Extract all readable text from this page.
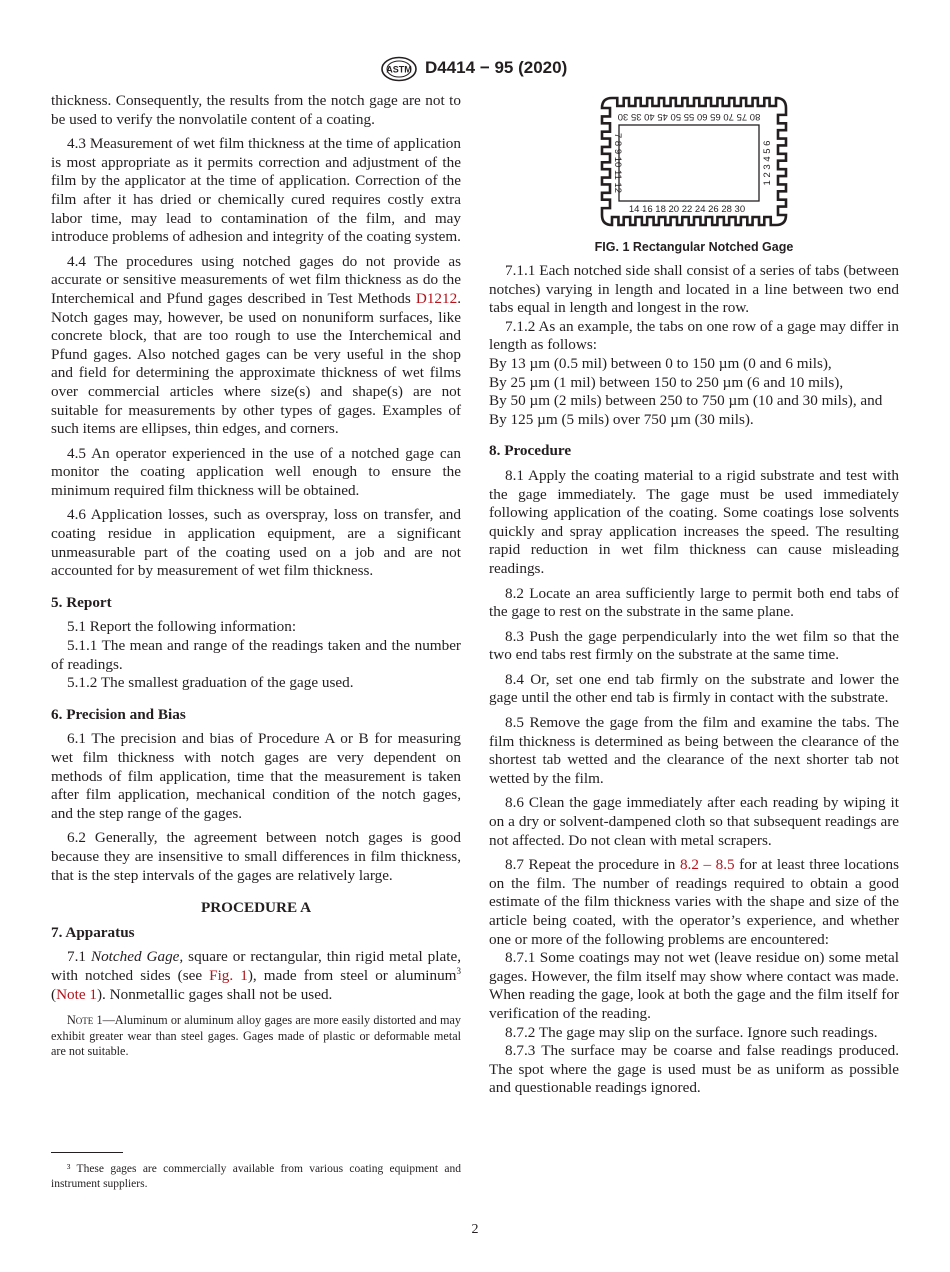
ASTM D4414 − 95 (2020)

thickness. Consequently, the results from the notch gage are not to be used to verify the nonvolatile content of a coating.

4.3 Measurement of wet film thickness at the time of application is most appropriate as it permits correction and adjustment of the film by the applicator at the time of application. Correction of the film after it has dried or chemically cured requires costly extra labor time, may lead to contamination of the film, and may introduce problems of adhesion and integrity of the coating system.

4.4 The procedures using notched gages do not provide as accurate or sensitive measurements of wet film thickness as do the Interchemical and Pfund gages described in Test Methods D1212. Notch gages may, however, be used on nonuniform surfaces, like concrete block, that are too rough to use the Interchemical and Pfund gages. Also notched gages can be very useful in the shop and field for determining the approximate thickness of wet films over commercial articles where size(s) and shape(s) are not suitable for measurements by other types of gages. Examples of such items are ellipses, thin edges, and corners.

4.5 An operator experienced in the use of a notched gage can monitor the coating application well enough to ensure the minimum required film thickness will be obtained.

4.6 Application losses, such as overspray, loss on transfer, and coating residue in application equipment, are a significant unmeasurable part of the coating used on a job and are not accounted for by measurement of wet film thickness.

5. Report

5.1 Report the following information:

5.1.1 The mean and range of the readings taken and the number of readings.

5.1.2 The smallest graduation of the gage used.

6. Precision and Bias

6.1 The precision and bias of Procedure A or B for measuring wet film thickness with notch gages are very dependent on methods of film application, time that the measurement is taken after film application, mechanical condition of the notch gages, and the step range of the gages.

6.2 Generally, the agreement between notch gages is good because they are insensitive to small differences in film thickness, that is the step intervals of the gages are relatively large.

PROCEDURE A

7. Apparatus

7.1 Notched Gage, square or rectangular, thin rigid metal plate, with notched sides (see Fig. 1), made from steel or aluminum$^3$ (Note 1). Nonmetallic gages shall not be used.

Note 1—Aluminum or aluminum alloy gages are more easily distorted and may exhibit greater wear than steel gages. Gages made of plastic or deformable metal are not suitable.

³ These gages are commercially available from various coating equipment and instrument suppliers.
80 75 70 65 60 55 50 45 40 35 30
14 16 18 20 22 24 26 28 30
7 8 9 10 11 12	1 2 3 4 5 6

FIG. 1 Rectangular Notched Gage

7.1.1 Each notched side shall consist of a series of tabs (between notches) varying in length and located in a line between two end tabs equal in length and longest in the row.

7.1.2 As an example, the tabs on one row of a gage may differ in length as follows:

By 13 µm (0.5 mil) between 0 to 150 µm (0 and 6 mils),

By 25 µm (1 mil) between 150 to 250 µm (6 and 10 mils),

By 50 µm (2 mils) between 250 to 750 µm (10 and 30 mils), and

By 125 µm (5 mils) over 750 µm (30 mils).

8. Procedure

8.1 Apply the coating material to a rigid substrate and test with the gage immediately. The gage must be used immediately following application of the coating. Some coatings lose solvents quickly and spray application increases the speed. The resulting rapid reduction in wet film thickness can cause misleading readings.

8.2 Locate an area sufficiently large to permit both end tabs of the gage to rest on the substrate in the same plane.

8.3 Push the gage perpendicularly into the wet film so that the two end tabs rest firmly on the substrate at the same time.

8.4 Or, set one end tab firmly on the substrate and lower the gage until the other end tab is firmly in contact with the substrate.

8.5 Remove the gage from the film and examine the tabs. The film thickness is determined as being between the clearance of the shortest tab wetted and the clearance of the next shorter tab not wetted by the film.

8.6 Clean the gage immediately after each reading by wiping it on a dry or solvent-dampened cloth so that subsequent readings are not affected. Do not clean with metal scrapers.

8.7 Repeat the procedure in 8.2 – 8.5 for at least three locations on the film. The number of readings required to obtain a good estimate of the film thickness varies with the shape and size of the article being coated, with the operator’s experience, and whether one or more of the following problems are encountered:

8.7.1 Some coatings may not wet (leave residue on) some metal gages. However, the film itself may show where contact was made. When reading the gage, look at both the gage and the film itself for verification of the reading.

8.7.2 The gage may slip on the surface. Ignore such readings.

8.7.3 The surface may be coarse and false readings produced. The spot where the gage is used must be as uniform as possible and questionable readings ignored.

2
